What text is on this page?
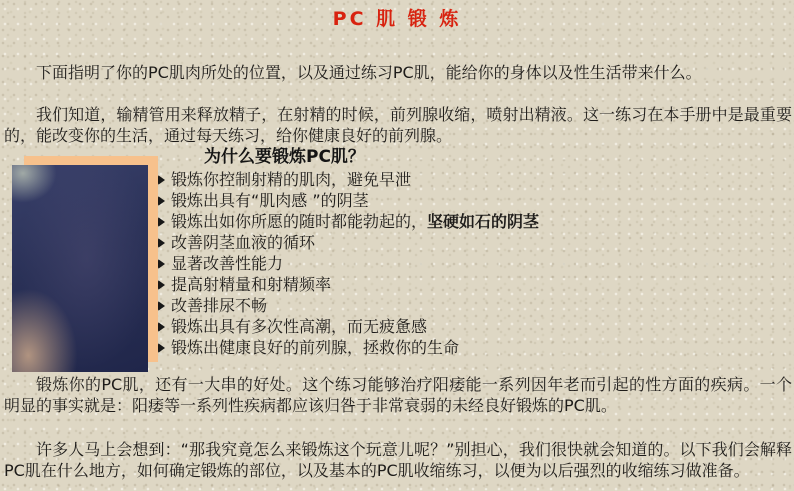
PC 肌 锻 炼

下面指明了你的PC肌肉所处的位置，以及通过练习PC肌，能给你的身体以及性生活带来什么。

我们知道，输精管用来释放精子，在射精的时候，前列腺收缩，喷射出精液。这一练习在本手册中是最重要的，能改变你的生活，通过每天练习，给你健康良好的前列腺。

为什么要锻炼PC肌？
锻炼你控制射精的肌肉，避免早泄
锻炼出具有“肌肉感 ”的阴茎
锻炼出如你所愿的随时都能勃起的，坚硬如石的阴茎
改善阴茎血液的循环
显著改善性能力
提高射精量和射精频率
改善排尿不畅
锻炼出具有多次性高潮，而无疲惫感
锻炼出健康良好的前列腺，拯救你的生命

锻炼你的PC肌，还有一大串的好处。这个练习能够治疗阳痿能一系列因年老而引起的性方面的疾病。一个明显的事实就是：阳痿等一系列性疾病都应该归咎于非常衰弱的未经良好锻炼的PC肌。

许多人马上会想到：“那我究竟怎么来锻炼这个玩意儿呢？”别担心，我们很快就会知道的。以下我们会解释PC肌在什么地方，如何确定锻炼的部位，以及基本的PC肌收缩练习，以便为以后强烈的收缩练习做准备。
